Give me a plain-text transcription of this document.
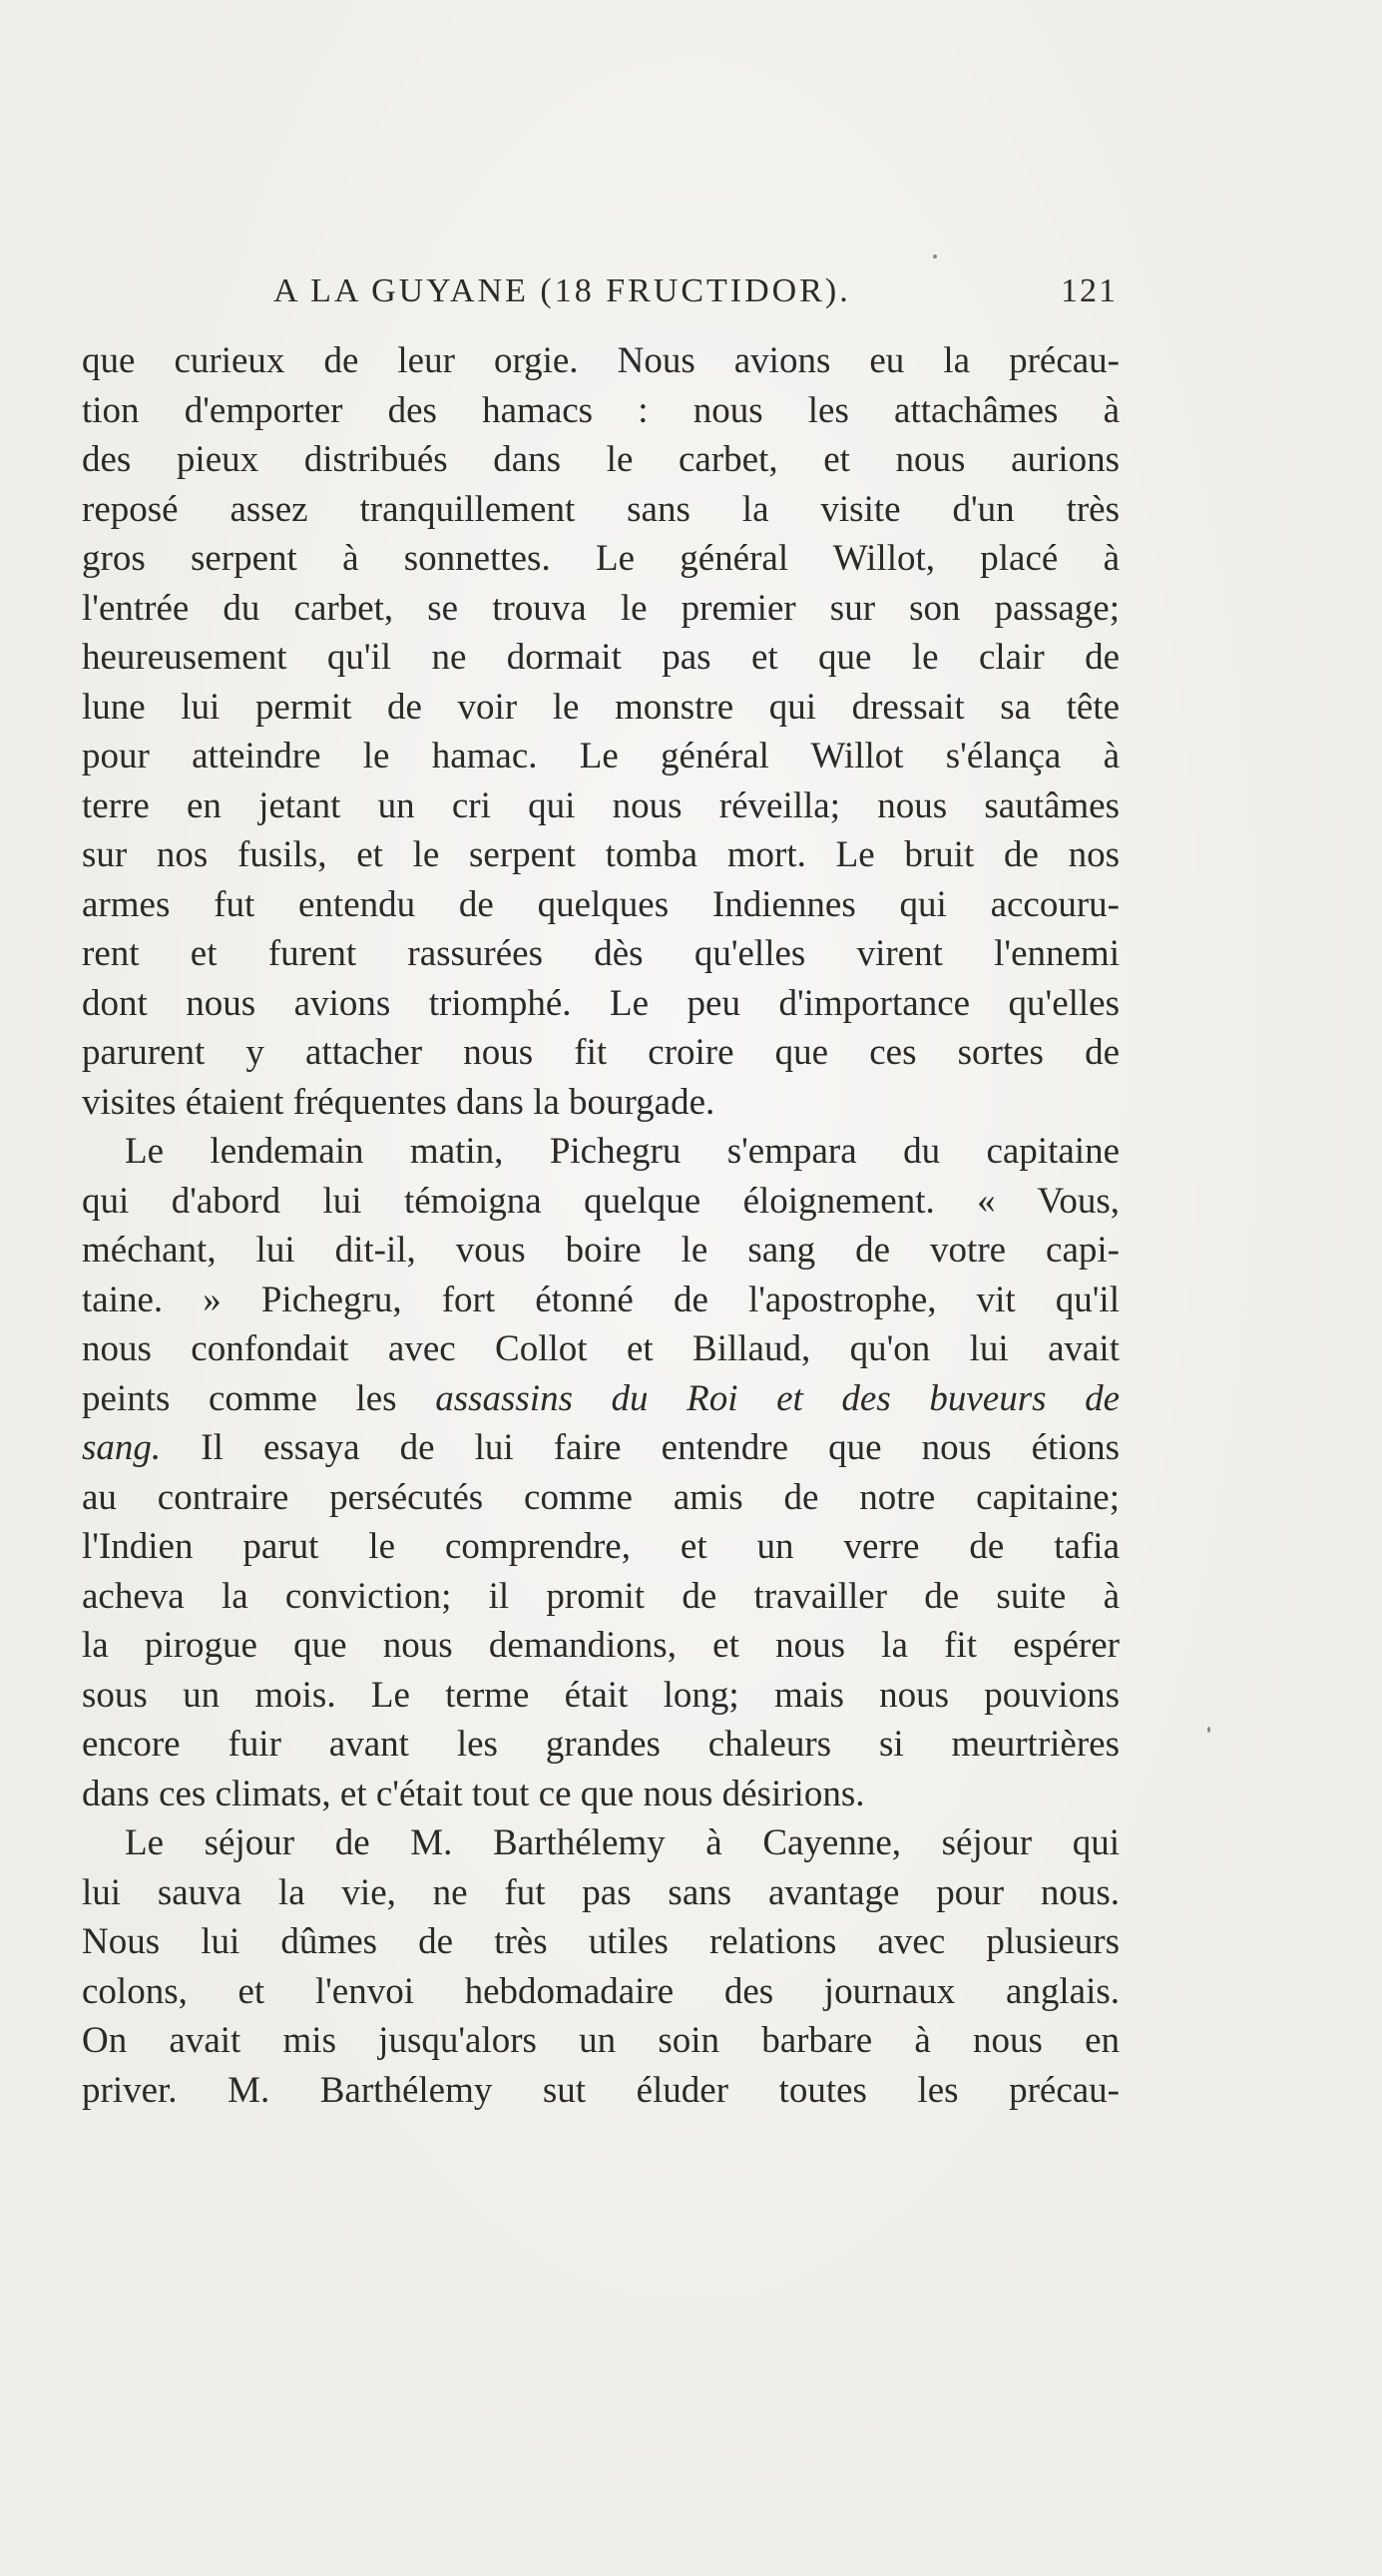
A LA GUYANE (18 FRUCTIDOR).	121
que curieux de leur orgie. Nous avions eu la précau-
tion d'emporter des hamacs : nous les attachâmes à
des pieux distribués dans le carbet, et nous aurions
reposé assez tranquillement sans la visite d'un très
gros serpent à sonnettes. Le général Willot, placé à
l'entrée du carbet, se trouva le premier sur son passage;
heureusement qu'il ne dormait pas et que le clair de
lune lui permit de voir le monstre qui dressait sa tête
pour atteindre le hamac. Le général Willot s'élança à
terre en jetant un cri qui nous réveilla; nous sautâmes
sur nos fusils, et le serpent tomba mort. Le bruit de nos
armes fut entendu de quelques Indiennes qui accouru-
rent et furent rassurées dès qu'elles virent l'ennemi
dont nous avions triomphé. Le peu d'importance qu'elles
parurent y attacher nous fit croire que ces sortes de
visites étaient fréquentes dans la bourgade.
Le lendemain matin, Pichegru s'empara du capitaine
qui d'abord lui témoigna quelque éloignement. « Vous,
méchant, lui dit-il, vous boire le sang de votre capi-
taine. » Pichegru, fort étonné de l'apostrophe, vit qu'il
nous confondait avec Collot et Billaud, qu'on lui avait
peints comme les assassins du Roi et des buveurs de
sang. Il essaya de lui faire entendre que nous étions
au contraire persécutés comme amis de notre capitaine;
l'Indien parut le comprendre, et un verre de tafia
acheva la conviction; il promit de travailler de suite à
la pirogue que nous demandions, et nous la fit espérer
sous un mois. Le terme était long; mais nous pouvions
encore fuir avant les grandes chaleurs si meurtrières
dans ces climats, et c'était tout ce que nous désirions.
Le séjour de M. Barthélemy à Cayenne, séjour qui
lui sauva la vie, ne fut pas sans avantage pour nous.
Nous lui dûmes de très utiles relations avec plusieurs
colons, et l'envoi hebdomadaire des journaux anglais.
On avait mis jusqu'alors un soin barbare à nous en
priver. M. Barthélemy sut éluder toutes les précau-
